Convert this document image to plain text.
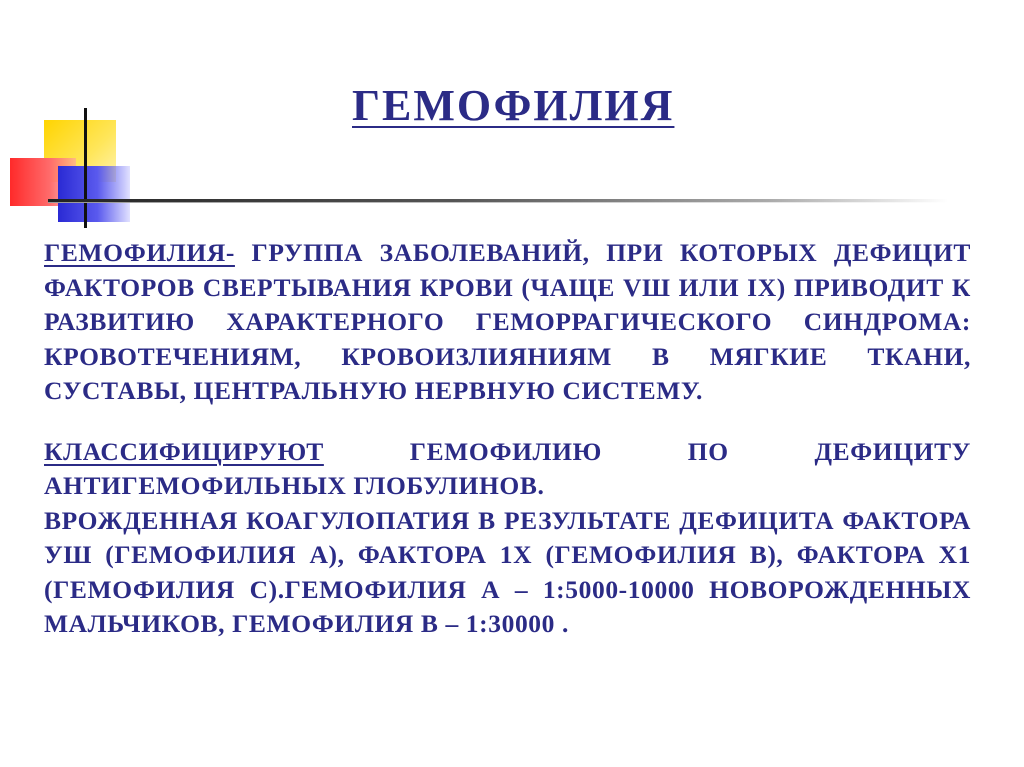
ГЕМОФИЛИЯ

ГЕМОФИЛИЯ- ГРУППА ЗАБОЛЕВАНИЙ, ПРИ КОТОРЫХ ДЕФИЦИТ ФАКТОРОВ СВЕРТЫВАНИЯ КРОВИ (ЧАЩЕ VШ ИЛИ IX) ПРИВОДИТ К РАЗВИТИЮ ХАРАКТЕРНОГО ГЕМОРРАГИЧЕСКОГО СИНДРОМА: КРОВОТЕЧЕНИЯМ, КРОВОИЗЛИЯНИЯМ В МЯГКИЕ ТКАНИ, СУСТАВЫ, ЦЕНТРАЛЬНУЮ НЕРВНУЮ СИСТЕМУ.

КЛАССИФИЦИРУЮТ ГЕМОФИЛИЮ ПО ДЕФИЦИТУ АНТИГЕМОФИЛЬНЫХ ГЛОБУЛИНОВ.

ВРОЖДЕННАЯ КОАГУЛОПАТИЯ В РЕЗУЛЬТАТЕ ДЕФИЦИТА ФАКТОРА УШ (ГЕМОФИЛИЯ А), ФАКТОРА 1Х (ГЕМОФИЛИЯ В), ФАКТОРА Х1 (ГЕМОФИЛИЯ С).ГЕМОФИЛИЯ А – 1:5000-10000 НОВОРОЖДЕННЫХ МАЛЬЧИКОВ, ГЕМОФИЛИЯ В – 1:30000 .
